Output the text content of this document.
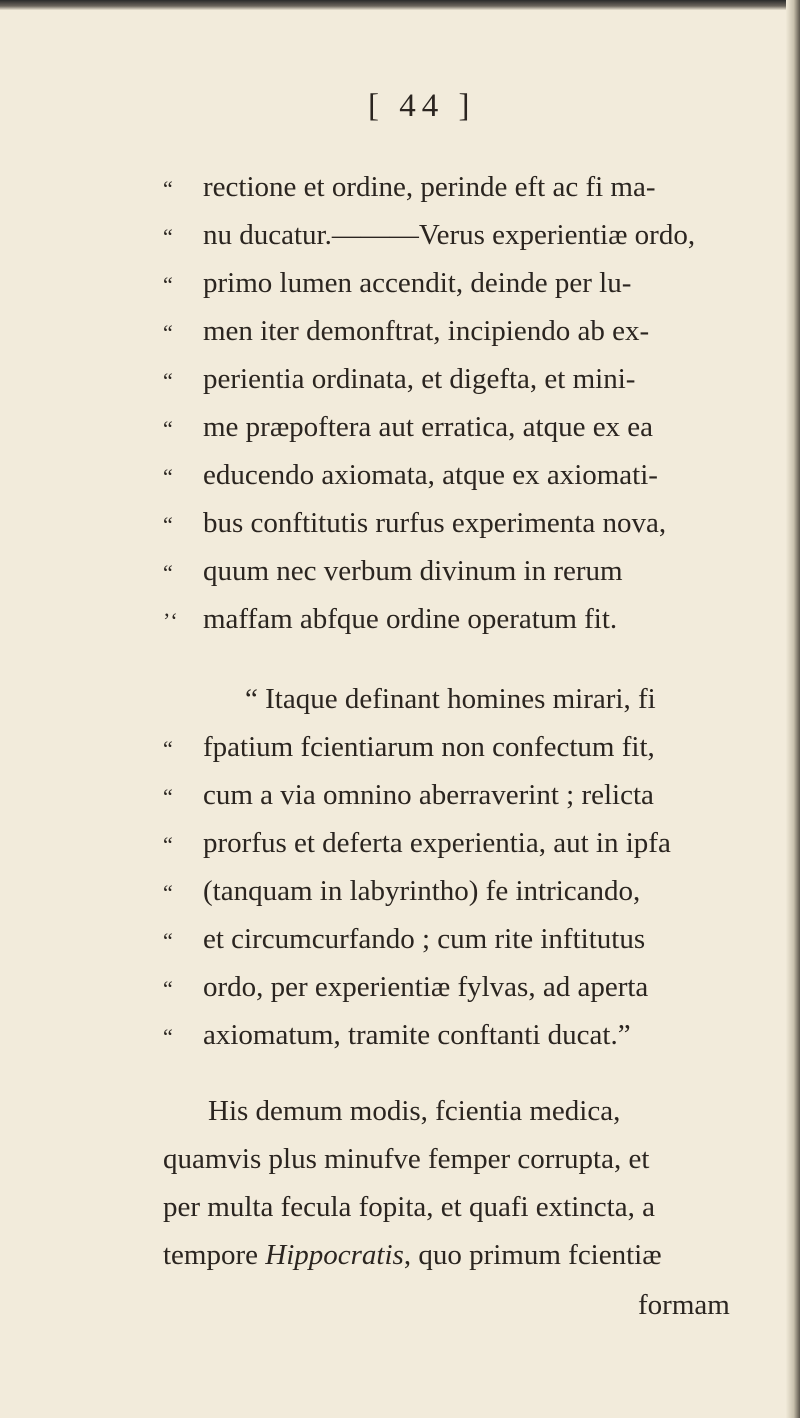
[ 44 ]
“ rectione et ordine, perinde eft ac fi ma-
“ nu ducatur.———Verus experientiæ ordo,
“ primo lumen accendit, deinde per lu-
“ men iter demonftrat, incipiendo ab ex-
“ perientia ordinata, et digefta, et mini-
“ me præpoftera aut erratica, atque ex ea
“ educendo axiomata, atque ex axiomati-
“ bus conftitutis rurfus experimenta nova,
“ quum nec verbum divinum in rerum
’‘ maffam abfque ordine operatum fit.
“ Itaque definant homines mirari, fi
“ fpatium fcientiarum non confectum fit,
“ cum a via omnino aberraverint ; relicta
“ prorfus et deferta experientia, aut in ipfa
“ (tanquam in labyrintho) fe intricando,
“ et circumcurfando ; cum rite inftitutus
“ ordo, per experientiæ fylvas, ad aperta
“ axiomatum, tramite conftanti ducat.”
His demum modis, fcientia medica,
quamvis plus minufve femper corrupta, et
per multa fecula fopita, et quafi extincta, a
tempore Hippocratis, quo primum fcientiæ
formam
